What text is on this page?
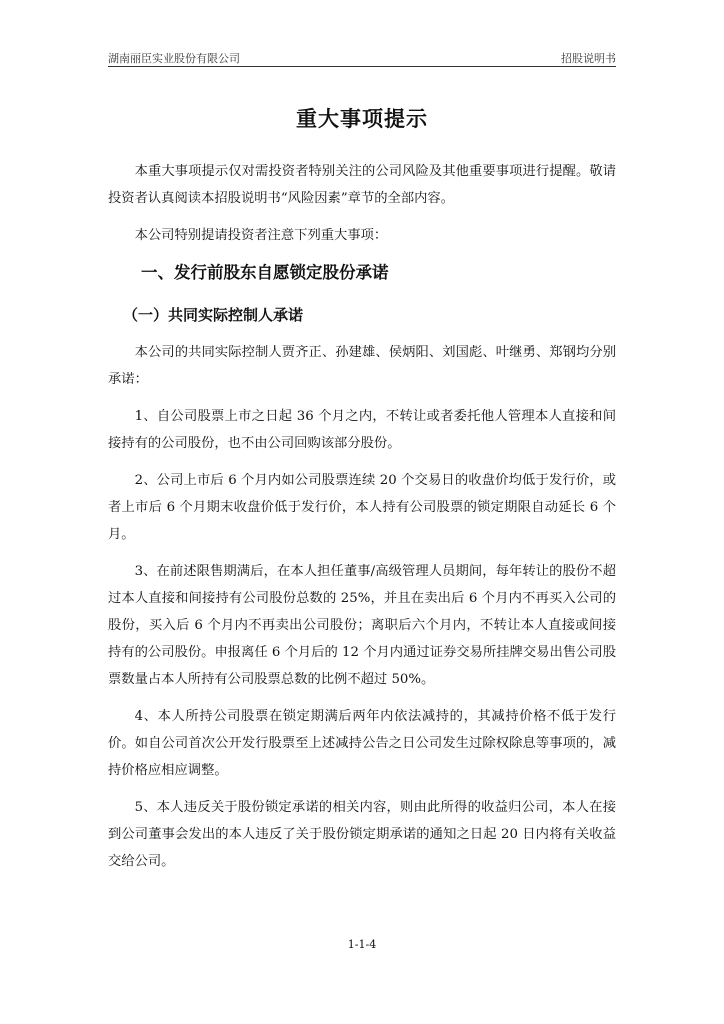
湖南丽臣实业股份有限公司	招股说明书
重大事项提示

本重大事项提示仅对需投资者特别关注的公司风险及其他重要事项进行提醒。敬请投资者认真阅读本招股说明书“风险因素”章节的全部内容。

本公司特别提请投资者注意下列重大事项：

一、发行前股东自愿锁定股份承诺
（一）共同实际控制人承诺

本公司的共同实际控制人贾齐正、孙建雄、侯炳阳、刘国彪、叶继勇、郑钢均分别承诺：

1、自公司股票上市之日起 36 个月之内，不转让或者委托他人管理本人直接和间接持有的公司股份，也不由公司回购该部分股份。

2、公司上市后 6 个月内如公司股票连续 20 个交易日的收盘价均低于发行价，或者上市后 6 个月期末收盘价低于发行价，本人持有公司股票的锁定期限自动延长 6 个月。

3、在前述限售期满后，在本人担任董事/高级管理人员期间，每年转让的股份不超过本人直接和间接持有公司股份总数的 25%，并且在卖出后 6 个月内不再买入公司的股份，买入后 6 个月内不再卖出公司股份；离职后六个月内，不转让本人直接或间接持有的公司股份。申报离任 6 个月后的 12 个月内通过证券交易所挂牌交易出售公司股票数量占本人所持有公司股票总数的比例不超过 50%。

4、本人所持公司股票在锁定期满后两年内依法减持的，其减持价格不低于发行价。如自公司首次公开发行股票至上述减持公告之日公司发生过除权除息等事项的，减持价格应相应调整。

5、本人违反关于股份锁定承诺的相关内容，则由此所得的收益归公司，本人在接到公司董事会发出的本人违反了关于股份锁定期承诺的通知之日起 20 日内将有关收益交给公司。

1-1-4
